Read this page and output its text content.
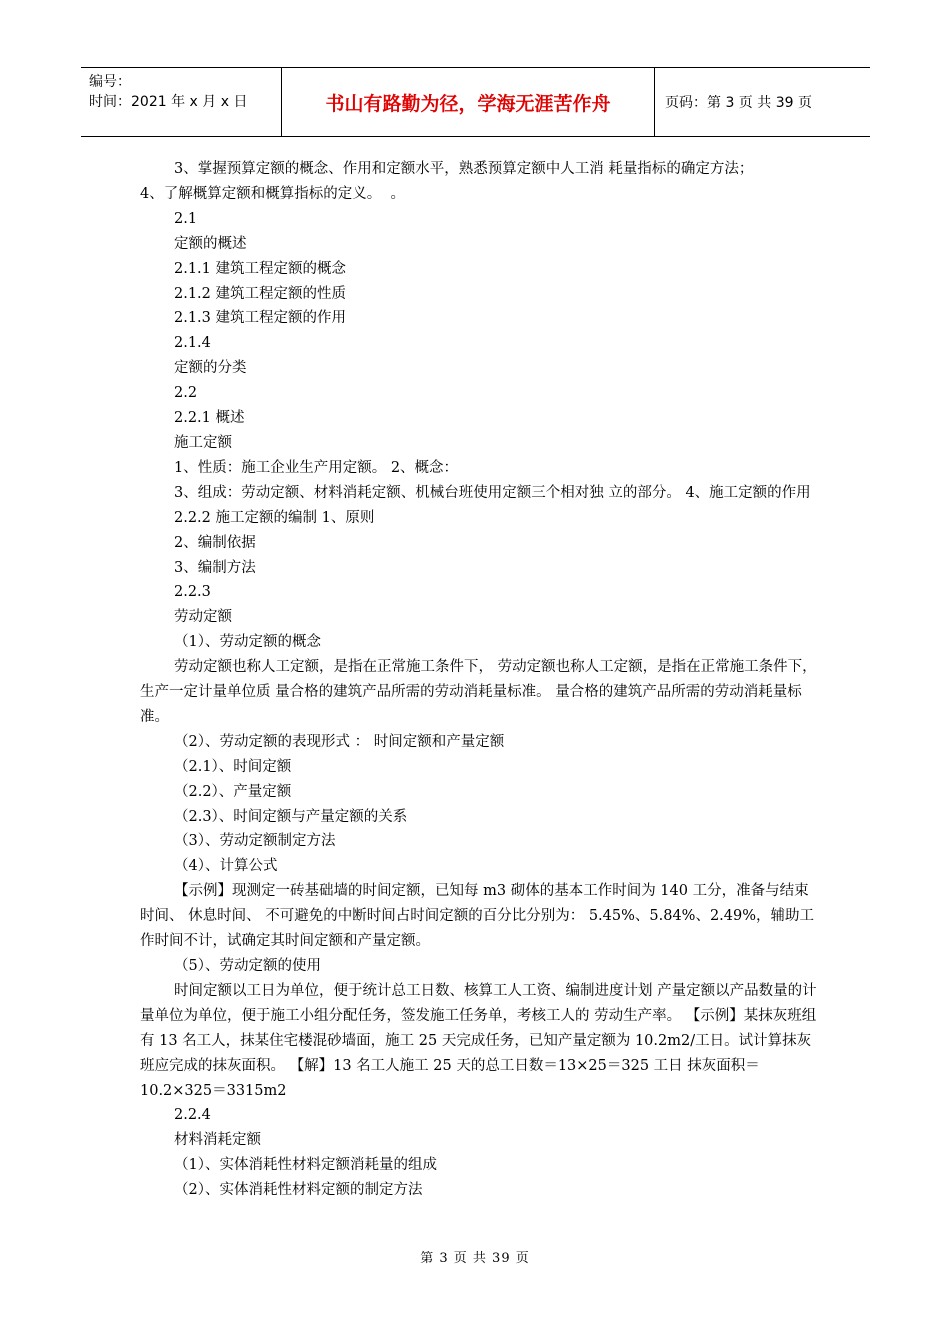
编号：
时间：2021 年 x 月 x 日	书山有路勤为径，学海无涯苦作舟	页码：第 3 页 共 39 页

3、掌握预算定额的概念、作用和定额水平，熟悉预算定额中人工消 耗量指标的确定方法；

4、了解概算定额和概算指标的定义。  。

2.1

定额的概述

2.1.1 建筑工程定额的概念

2.1.2 建筑工程定额的性质

2.1.3 建筑工程定额的作用

2.1.4

定额的分类

2.2

2.2.1 概述

施工定额

1、性质：施工企业生产用定额。 2、概念：

3、组成：劳动定额、材料消耗定额、机械台班使用定额三个相对独 立的部分。 4、施工定额的作用

2.2.2 施工定额的编制 1、原则

2、编制依据

3、编制方法

2.2.3

劳动定额

（1）、劳动定额的概念

劳动定额也称人工定额，是指在正常施工条件下， 劳动定额也称人工定额，是指在正常施工条件下，生产一定计量单位质 量合格的建筑产品所需的劳动消耗量标准。 量合格的建筑产品所需的劳动消耗量标准。

（2）、劳动定额的表现形式 ： 时间定额和产量定额

（2.1）、时间定额

（2.2）、产量定额

（2.3）、时间定额与产量定额的关系

（3）、劳动定额制定方法

（4）、计算公式

【示例】现测定一砖基础墙的时间定额，已知每 m3 砌体的基本工作时间为 140 工分，准备与结束时间、 休息时间、 不可避免的中断时间占时间定额的百分比分别为： 5.45%、5.84%、2.49%，辅助工作时间不计，试确定其时间定额和产量定额。

（5）、劳动定额的使用

时间定额以工日为单位，便于统计总工日数、核算工人工资、编制进度计划 产量定额以产品数量的计量单位为单位，便于施工小组分配任务，签发施工任务单，考核工人的 劳动生产率。 【示例】某抹灰班组有 13 名工人，抹某住宅楼混砂墙面，施工 25 天完成任务，已知产量定额为 10.2m2/工日。试计算抹灰班应完成的抹灰面积。 【解】13 名工人施工 25 天的总工日数＝13×25＝325 工日 抹灰面积＝10.2×325＝3315m2

2.2.4

材料消耗定额

（1）、实体消耗性材料定额消耗量的组成

（2）、实体消耗性材料定额的制定方法

第 3 页 共 39 页
